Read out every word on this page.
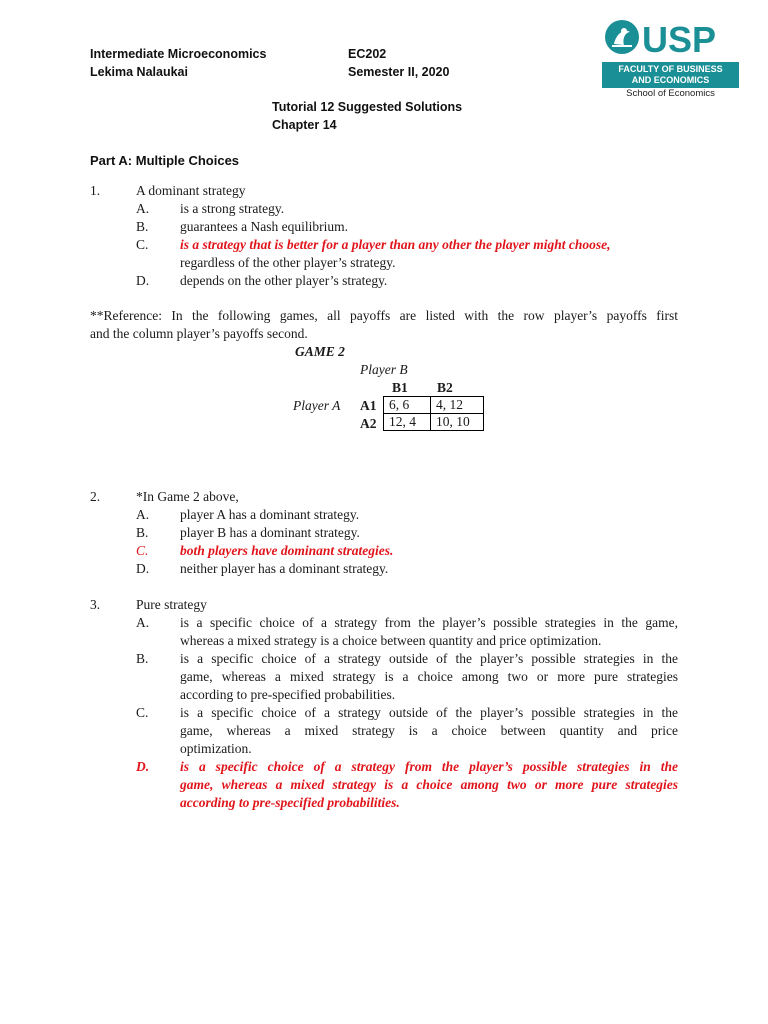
Intermediate Microeconomics	EC202
Lekima Nalaukai	Semester II, 2020
Tutorial 12 Suggested Solutions
Chapter 14
USP
FACULTY OF BUSINESS
AND ECONOMICS
School of Economics
Part A: Multiple Choices
1.	A dominant strategy
A. is a strong strategy.
B. guarantees a Nash equilibrium.
C. is a strategy that is better for a player than any other the player might choose,
regardless of the other player’s strategy.
D. depends on the other player’s strategy.
**Reference: In the following games, all payoffs are listed with the row player’s payoffs first
and the column player’s payoffs second.
GAME 2
Player B
B1 B2
Player A A1
A2
6, 6	4, 12
12, 4	10, 10
2.	*In Game 2 above,
A. player A has a dominant strategy.
B. player B has a dominant strategy.
C. both players have dominant strategies.
D. neither player has a dominant strategy.
3.	Pure strategy
A. is a specific choice of a strategy from the player’s possible strategies in the game,
whereas a mixed strategy is a choice between quantity and price optimization.
B. is a specific choice of a strategy outside of the player’s possible strategies in the
game, whereas a mixed strategy is a choice among two or more pure strategies
according to pre-specified probabilities.
C. is a specific choice of a strategy outside of the player’s possible strategies in the
game, whereas a mixed strategy is a choice between quantity and price
optimization.
D. is a specific choice of a strategy from the player’s possible strategies in the
game, whereas a mixed strategy is a choice among two or more pure strategies
according to pre-specified probabilities.
